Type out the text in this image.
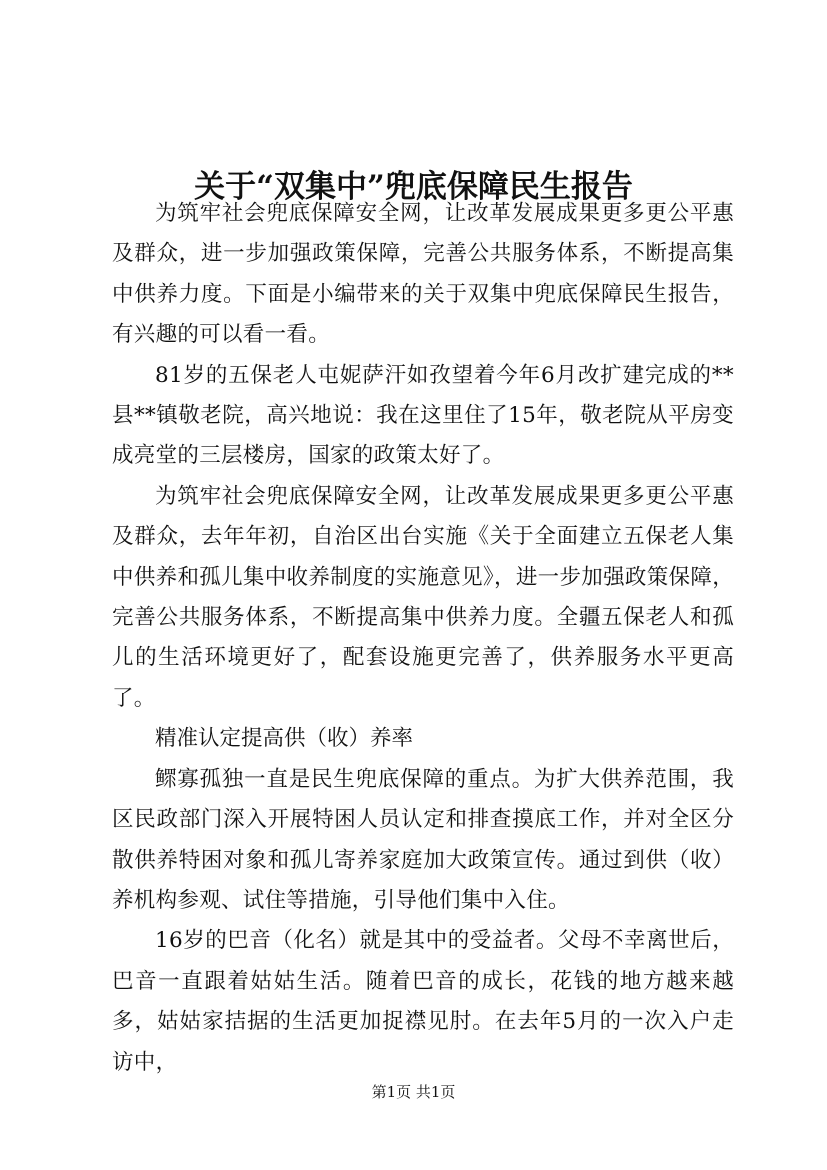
关于“双集中”兜底保障民生报告

为筑牢社会兜底保障安全网，让改革发展成果更多更公平惠及群众，进一步加强政策保障，完善公共服务体系，不断提高集中供养力度。下面是小编带来的关于双集中兜底保障民生报告，有兴趣的可以看一看。

81岁的五保老人屯妮萨汗如孜望着今年6月改扩建完成的**县**镇敬老院，高兴地说：我在这里住了15年，敬老院从平房变成亮堂的三层楼房，国家的政策太好了。

为筑牢社会兜底保障安全网，让改革发展成果更多更公平惠及群众，去年年初，自治区出台实施《关于全面建立五保老人集中供养和孤儿集中收养制度的实施意见》，进一步加强政策保障，完善公共服务体系，不断提高集中供养力度。全疆五保老人和孤儿的生活环境更好了，配套设施更完善了，供养服务水平更高了。

精准认定提高供（收）养率

鳏寡孤独一直是民生兜底保障的重点。为扩大供养范围，我区民政部门深入开展特困人员认定和排查摸底工作，并对全区分散供养特困对象和孤儿寄养家庭加大政策宣传。通过到供（收）养机构参观、试住等措施，引导他们集中入住。

16岁的巴音（化名）就是其中的受益者。父母不幸离世后，巴音一直跟着姑姑生活。随着巴音的成长，花钱的地方越来越多，姑姑家拮据的生活更加捉襟见肘。在去年5月的一次入户走访中，

第1页 共1页
